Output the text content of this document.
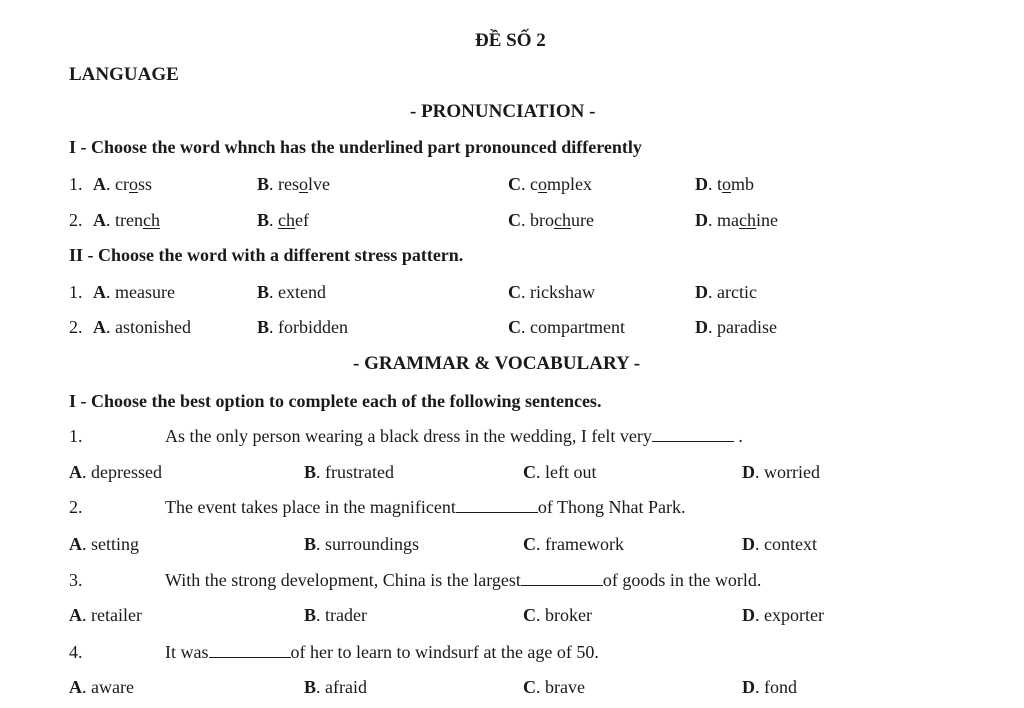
ĐỀ SỐ 2
LANGUAGE
- PRONUNCIATION -
I - Choose the word whnch has the underlined part pronounced differently
1. A. cross	B. resolve	C. complex	D. tomb
2. A. trench	B. chef	C. brochure	D. machine
II - Choose the word with a different stress pattern.
1. A. measure	B. extend	C. rickshaw	D. arctic
2. A. astonished	B. forbidden	C. compartment	D. paradise
- GRAMMAR & VOCABULARY -
I - Choose the best option to complete each of the following sentences.
1.	As the only person wearing a black dress in the wedding, I felt very	.
A. depressed	B. frustrated	C. left out	D. worried
2.	The event takes place in the magnificent	of Thong Nhat Park.
A. setting	B. surroundings	C. framework	D. context
3.	With the strong development, China is the largest	of goods in the world.
A. retailer	B. trader	C. broker	D. exporter
4.	It was	of her to learn to windsurf at the age of 50.
A. aware	B. afraid	C. brave	D. fond
